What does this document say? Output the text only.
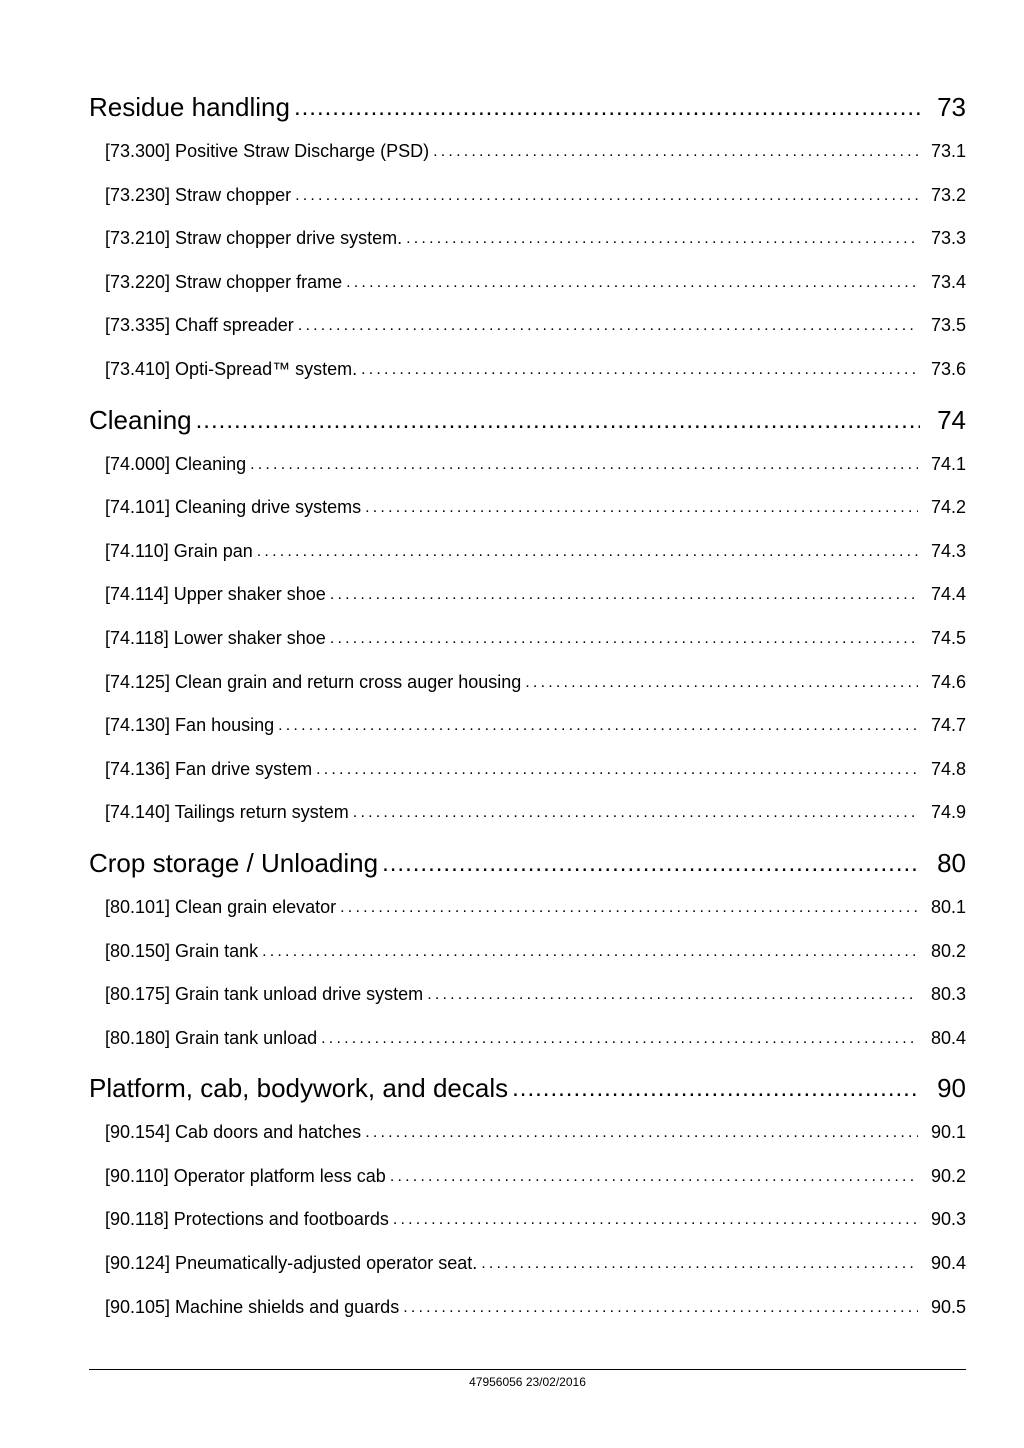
Residue handling .....	73
[73.300] Positive Straw Discharge (PSD) .....	73.1
[73.230] Straw chopper .....	73.2
[73.210] Straw chopper drive system. .....	73.3
[73.220] Straw chopper frame .....	73.4
[73.335] Chaff spreader .....	73.5
[73.410] Opti-Spread™ system. .....	73.6
Cleaning .....	74
[74.000] Cleaning .....	74.1
[74.101] Cleaning drive systems .....	74.2
[74.110] Grain pan .....	74.3
[74.114] Upper shaker shoe .....	74.4
[74.118] Lower shaker shoe .....	74.5
[74.125] Clean grain and return cross auger housing .....	74.6
[74.130] Fan housing .....	74.7
[74.136] Fan drive system .....	74.8
[74.140] Tailings return system .....	74.9
Crop storage / Unloading .....	80
[80.101] Clean grain elevator .....	80.1
[80.150] Grain tank .....	80.2
[80.175] Grain tank unload drive system .....	80.3
[80.180] Grain tank unload .....	80.4
Platform, cab, bodywork, and decals .....	90
[90.154] Cab doors and hatches .....	90.1
[90.110] Operator platform less cab .....	90.2
[90.118] Protections and footboards .....	90.3
[90.124] Pneumatically-adjusted operator seat. .....	90.4
[90.105] Machine shields and guards .....	90.5
47956056 23/02/2016
